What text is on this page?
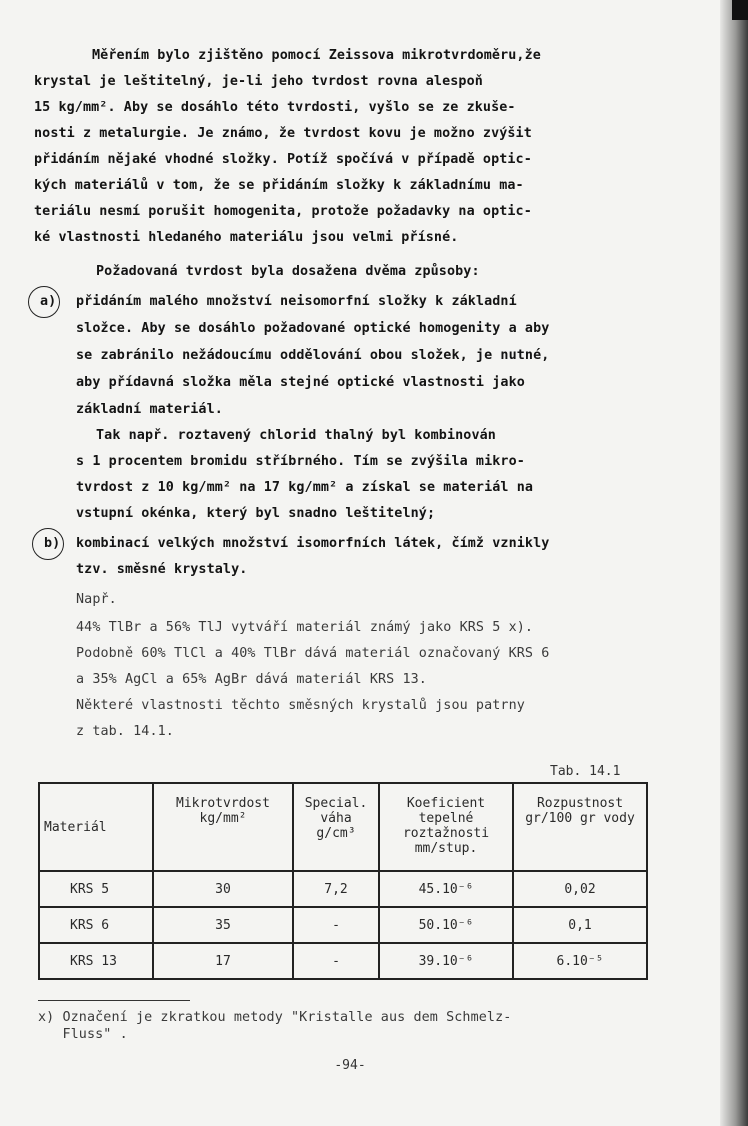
Měřením bylo zjištěno pomocí Zeissova mikrotvrdoměru,že
krystal je leštitelný, je-li jeho tvrdost rovna alespoň
15 kg/mm². Aby se dosáhlo této tvrdosti, vyšlo se ze zkuše-
nosti z metalurgie. Je známo, že tvrdost kovu je možno zvýšit
přidáním nějaké vhodné složky. Potíž spočívá v případě optic-
kých materiálů v tom, že se přidáním složky k základnímu ma-
teriálu nesmí porušit homogenita, protože požadavky na optic-
ké vlastnosti hledaného materiálu jsou velmi přísné.
Požadovaná tvrdost byla dosažena dvěma způsoby:
a) přidáním malého množství neisomorfní složky k základní
složce. Aby se dosáhlo požadované optické homogenity a aby
se zabránilo nežádoucímu oddělování obou složek, je nutné,
aby přídavná složka měla stejné optické vlastnosti jako
základní materiál.
Tak např. roztavený chlorid thalný byl kombinován
s 1 procentem bromidu stříbrného. Tím se zvýšila mikro-
tvrdost z 10 kg/mm² na 17 kg/mm² a získal se materiál na
vstupní okénka, který byl snadno leštitelný;
b) kombinací velkých množství isomorfních látek, čímž vznikly
tzv. směsné krystaly.
Např.
44% TlBr a 56% TlJ vytváří materiál známý jako KRS 5 x).
Podobně 60% TlCl a 40% TlBr dává materiál označovaný KRS 6
a 35% AgCl a 65% AgBr dává materiál KRS 13.
Některé vlastnosti těchto směsných krystalů jsou patrny
z tab. 14.1.
Tab. 14.1
Materiál	Mikrotvrdost kg/mm²	Special. váha g/cm³	Koeficient tepelné roztažnosti mm/stup.	Rozpustnost gr/100 gr vody
KRS 5	30	7,2	45.10⁻⁶	0,02
KRS 6	35	-	50.10⁻⁶	0,1
KRS 13	17	-	39.10⁻⁶	6.10⁻⁵
x) Označení je zkratkou metody "Kristalle aus dem Schmelz-
Fluss" .
-94-
